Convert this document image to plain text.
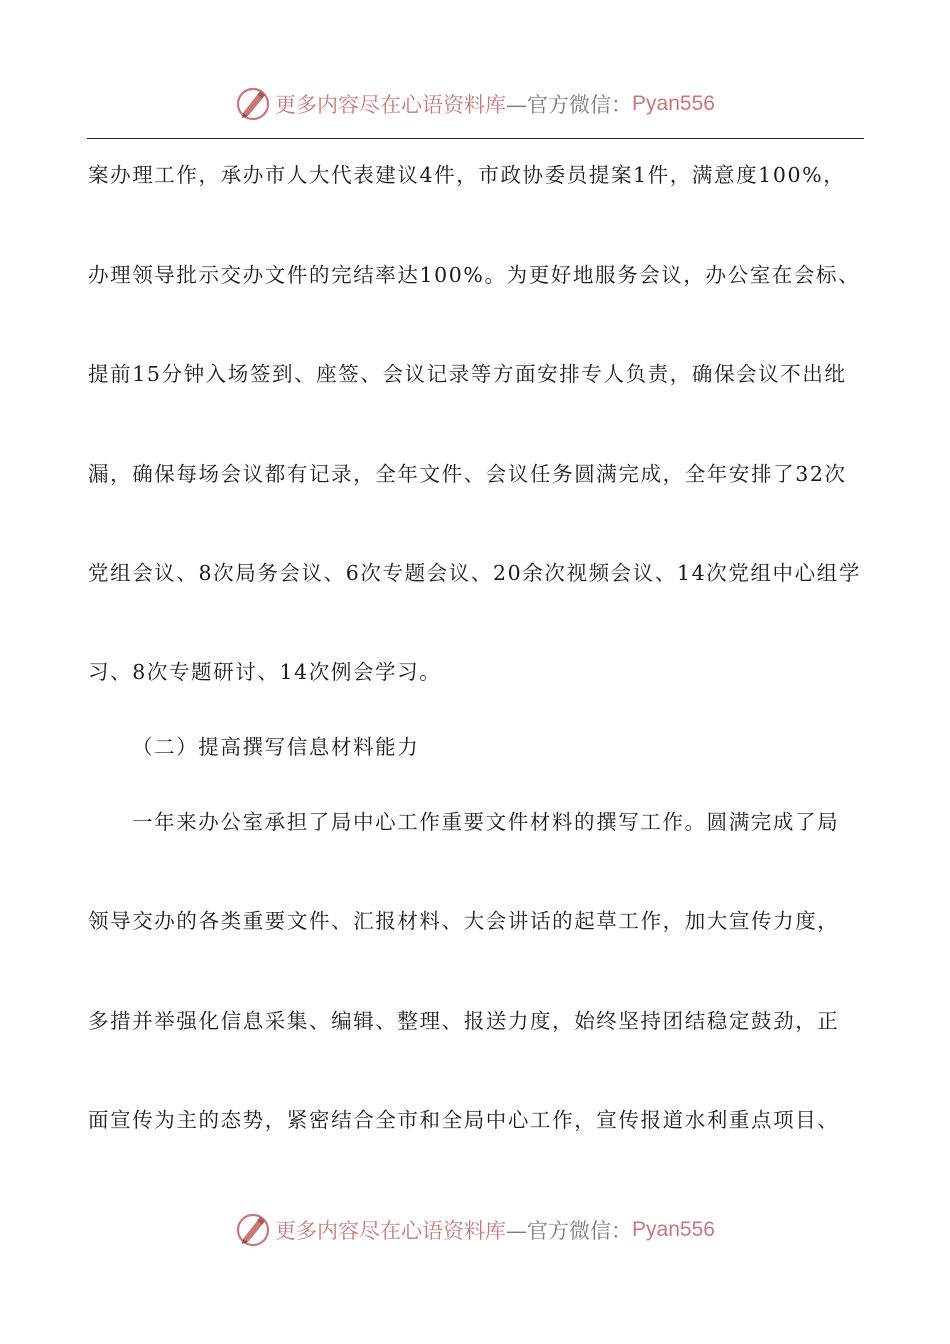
更多内容尽在心语资料库 —官方微信： Pyan556
案办理工作，承办市人大代表建议4件，市政协委员提案1件，满意度100%，
办理领导批示交办文件的完结率达100%。为更好地服务会议，办公室在会标、
提前15分钟入场签到、座签、会议记录等方面安排专人负责，确保会议不出纰
漏，确保每场会议都有记录，全年文件、会议任务圆满完成，全年安排了32次
党组会议、8次局务会议、6次专题会议、20余次视频会议、14次党组中心组学
习、8次专题研讨、14次例会学习。
（二）提高撰写信息材料能力
一年来办公室承担了局中心工作重要文件材料的撰写工作。圆满完成了局
领导交办的各类重要文件、汇报材料、大会讲话的起草工作，加大宣传力度，
多措并举强化信息采集、编辑、整理、报送力度，始终坚持团结稳定鼓劲，正
面宣传为主的态势，紧密结合全市和全局中心工作，宣传报道水利重点项目、
更多内容尽在心语资料库 —官方微信： Pyan556
